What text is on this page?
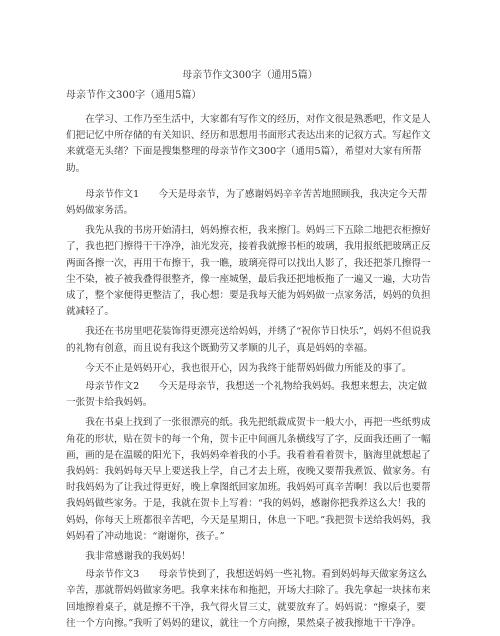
母亲节作文300字（通用5篇）
母亲节作文300字（通用5篇）

在学习、工作乃至生活中，大家都有写作文的经历，对作文很是熟悉吧，作文是人们把记忆中所存储的有关知识、经历和思想用书面形式表达出来的记叙方式。写起作文来就毫无头绪？下面是搜集整理的母亲节作文300字（通用5篇），希望对大家有所帮助。

母亲节作文1　　今天是母亲节，为了感谢妈妈辛辛苦苦地照顾我，我决定今天帮妈妈做家务活。

我先从我的书房开始清扫，妈妈擦衣柜，我来擦门。妈妈三下五除二地把衣柜擦好了，我也把门擦得干干净净，油光发亮，接着我就擦书柜的玻璃，我用报纸把玻璃正反两面各擦一次，再用干布擦干，我一瞧，玻璃亮得可以找出人影了，我还把茶几擦得一尘不染，被子被我叠得很整齐，像一座城堡，最后我还把地板拖了一遍又一遍，大功告成了，整个家便得更整洁了，我心想：要是我每天能为妈妈做一点家务活，妈妈的负担就减轻了。

我还在书房里吧花装饰得更漂亮送给妈妈，并绣了“祝你节日快乐”，妈妈不但说我的礼物有创意，而且说有我这个既勤劳又孝顺的儿子，真是妈妈的幸福。

今天不止是妈妈开心，我也很开心，因为我终于能帮妈妈做力所能及的事了。

母亲节作文2　　今天是母亲节，我想送一个礼物给我妈妈。我想来想去，决定做一张贺卡给我妈妈。

我在书桌上找到了一张很漂亮的纸。我先把纸裁成贺卡一般大小，再把一些纸剪成角花的形状，贴在贺卡的每一个角，贺卡正中间画儿条横线写了字，反面我还画了一幅画，画的是在温暖的阳光下，我妈妈牵着我的小手。我看着看着贺卡，脑海里就想起了我妈妈：我妈妈每天早上要送我上学，自己才去上班，夜晚又要帮我煮饭、做家务。有时我妈妈为了让我过得更好，晚上拿图纸回家加班。我妈妈可真辛苦啊！我以后也要帮我妈妈做些家务。于是，我就在贺卡上写着：“我的妈妈，感谢你把我养这么大！我的妈妈，你每天上班都很辛苦吧，今天是星期日，休息一下吧。”我把贺卡送给我妈妈，我妈妈看了冲动地说：“谢谢你，孩子。”

我非常感谢我的我妈妈！

母亲节作文3　　母亲节快到了，我想送妈妈一些礼物。看到妈妈每天做家务这么辛苦，那就帮妈妈做家务吧。我拿来抹布和拖把，开场大扫除了。我先拿起一块抹布来回地擦着桌子，就是擦不干净，我气得火冒三丈，就要放弃了。妈妈说：“擦桌子，要往一个方向擦。”我听了妈妈的建议，就往一个方向擦，果然桌子被我擦地干干净净。
